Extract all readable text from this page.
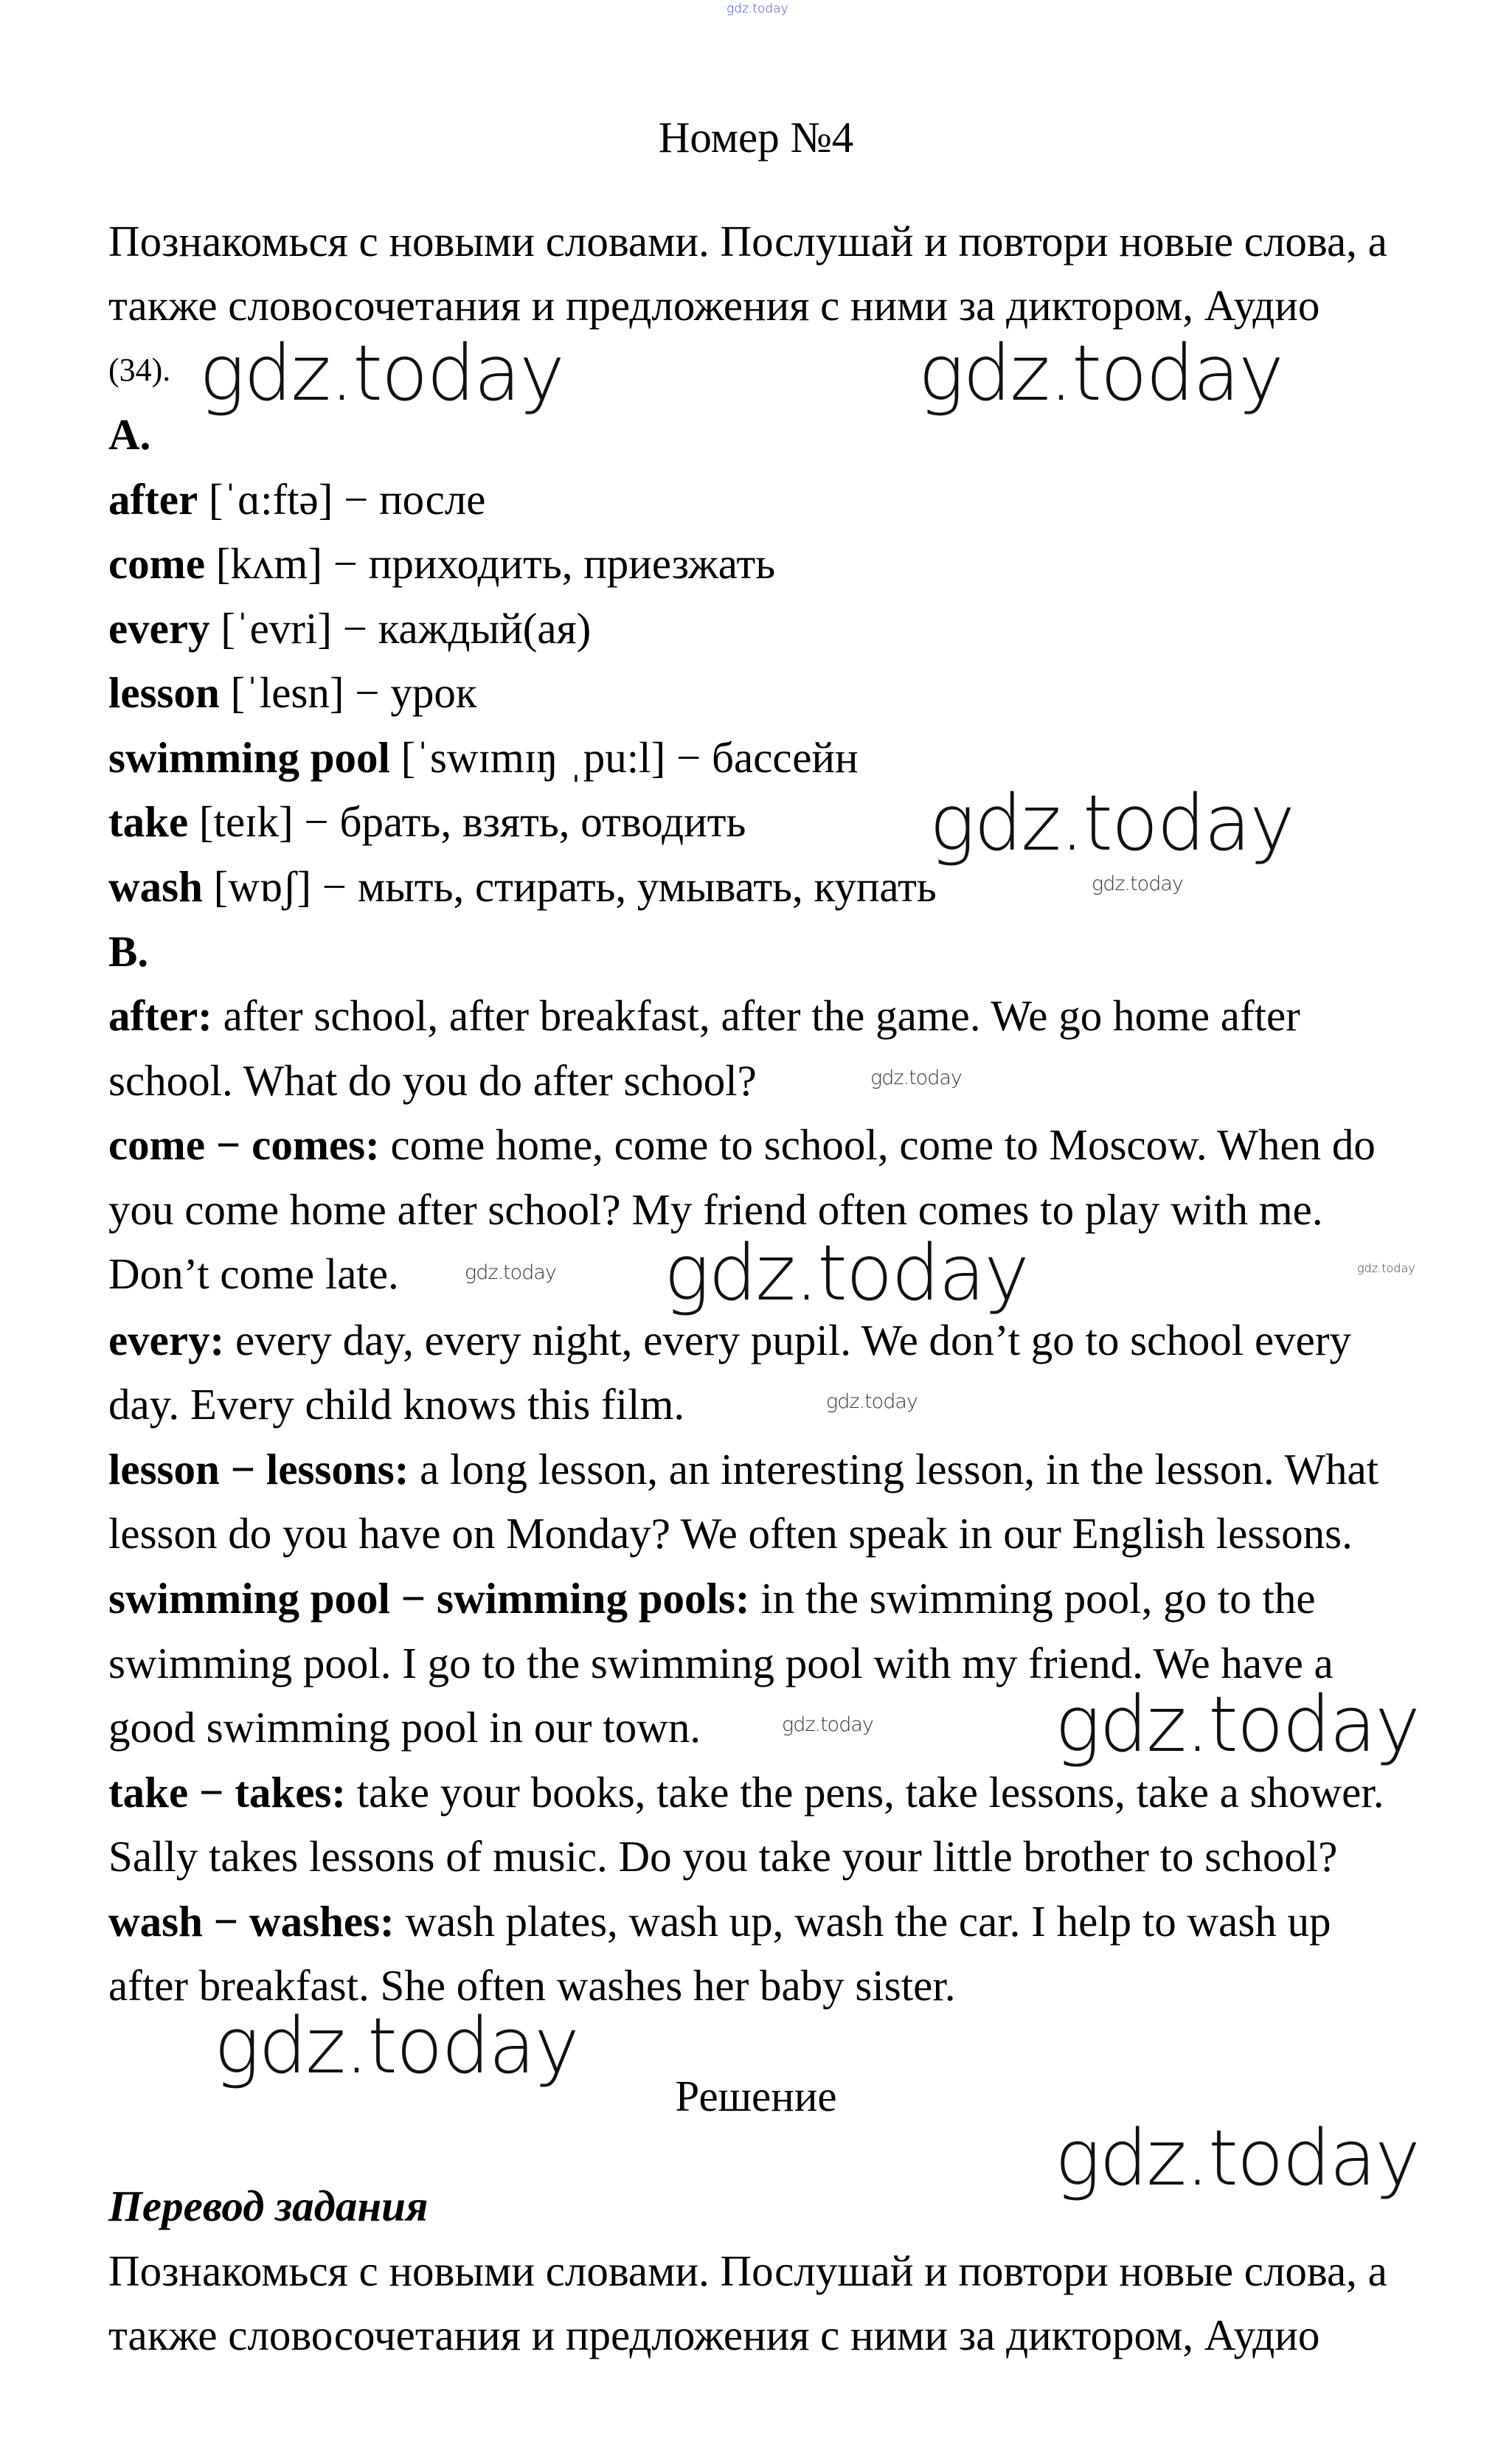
gdz.today
Номер №4
Познакомься с новыми словами. Послушай и повтори новые слова, а
также словосочетания и предложения с ними за диктором, Аудио
$^{(34).}$
A.
after [ˈɑ:ftə] − после
come [kʌm] − приходить, приезжать
every [ˈevri] − каждый(ая)
lesson [ˈlesn] − урок
swimming pool [ˈswɪmɪŋ ˌpu:l] − бассейн
take [teɪk] − брать, взять, отводить
wash [wɒʃ] − мыть, стирать, умывать, купать
B.
after: after school, after breakfast, after the game. We go home after
school. What do you do after school?
come − comes: come home, come to school, come to Moscow. When do
you come home after school? My friend often comes to play with me.
Don’t come late.
every: every day, every night, every pupil. We don’t go to school every
day. Every child knows this film.
lesson − lessons: a long lesson, an interesting lesson, in the lesson. What
lesson do you have on Monday? We often speak in our English lessons.
swimming pool − swimming pools: in the swimming pool, go to the
swimming pool. I go to the swimming pool with my friend. We have a
good swimming pool in our town.
take − takes: take your books, take the pens, take lessons, take a shower.
Sally takes lessons of music. Do you take your little brother to school?
wash − washes: wash plates, wash up, wash the car. I help to wash up
after breakfast. She often washes her baby sister.
Решение
Перевод задания
Познакомься с новыми словами. Послушай и повтори новые слова, а
также словосочетания и предложения с ними за диктором, Аудио
gdz.today	gdz.today
gdz.today
gdz.today
gdz.today
gdz.today	gdz.today
gdz.today
gdz.today
gdz.today gdz.today
gdz.today
gdz.today
